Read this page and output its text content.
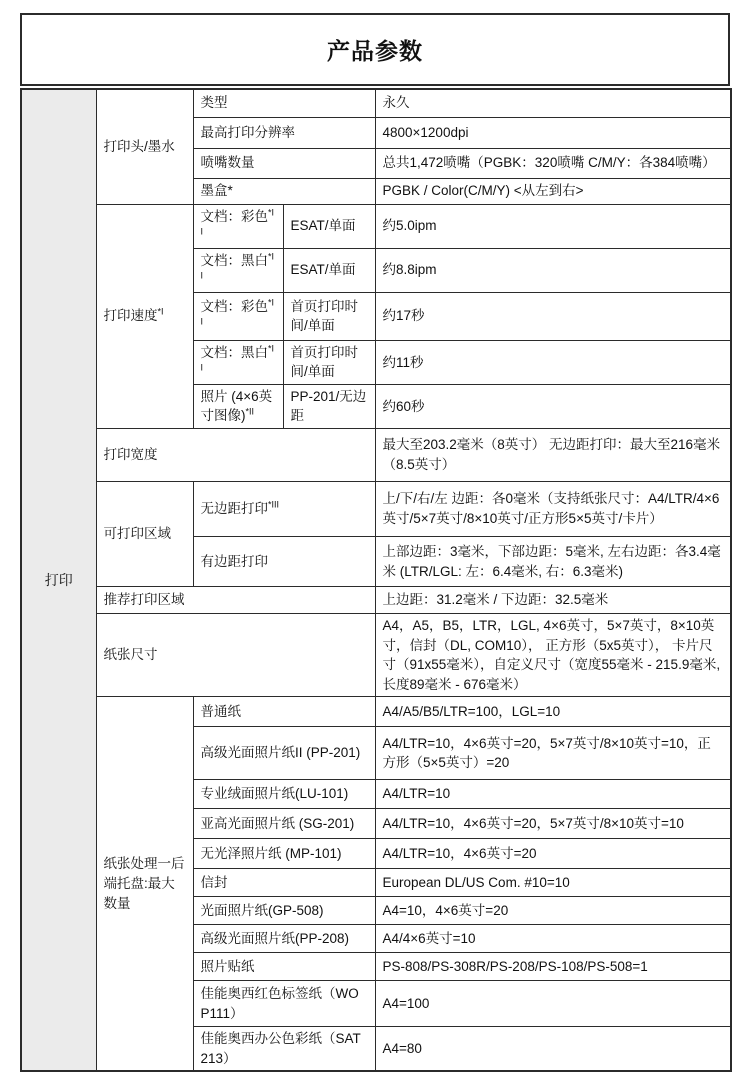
产品参数
打印	打印头/墨水	类型		永久
		最高打印分辨率		4800×1200dpi
		喷嘴数量		总共1,472喷嘴（PGBK：320喷嘴 C/M/Y：各384喷嘴）
		墨盒*		PGBK / Color(C/M/Y) <从左到右>
	打印速度$^{*I}$	文档：彩色$^{*II}$	ESAT/单面	约5.0ipm
		文档：黑白$^{*II}$	ESAT/单面	约8.8ipm
		文档：彩色$^{*II}$	首页打印时间/单面	约17秒
		文档：黑白$^{*II}$	首页打印时间/单面	约11秒
		照片 (4×6英寸图像)$^{*II}$	PP-201/无边距	约60秒
	打印宽度			最大至203.2毫米（8英寸） 无边距打印：最大至216毫米（8.5英寸）
	可打印区域	无边距打印$^{*III}$		上/下/右/左 边距：各0毫米（支持纸张尺寸：A4/LTR/4×6英寸/5×7英寸/8×10英寸/正方形5×5英寸/卡片）
		有边距打印		上部边距：3毫米，下部边距：5毫米, 左右边距：各3.4毫米 (LTR/LGL: 左：6.4毫米, 右：6.3毫米)
	推荐打印区域			上边距：31.2毫米 / 下边距：32.5毫米
	纸张尺寸			A4，A5，B5，LTR，LGL, 4×6英寸，5×7英寸，8×10英寸，信封（DL, COM10）， 正方形（5x5英寸）， 卡片尺寸（91x55毫米），自定义尺寸（宽度55毫米 - 215.9毫米, 长度89毫米 - 676毫米）
	纸张处理一后端托盘:最大数量	普通纸		A4/A5/B5/LTR=100，LGL=10
		高级光面照片纸II (PP-201)		A4/LTR=10，4×6英寸=20，5×7英寸/8×10英寸=10，正方形（5×5英寸）=20
		专业绒面照片纸(LU-101)		A4/LTR=10
		亚高光面照片纸 (SG-201)		A4/LTR=10，4×6英寸=20，5×7英寸/8×10英寸=10
		无光泽照片纸 (MP-101)		A4/LTR=10，4×6英寸=20
		信封		European DL/US Com. #10=10
		光面照片纸(GP-508)		A4=10，4×6英寸=20
		高级光面照片纸(PP-208)		A4/4×6英寸=10
		照片贴纸		PS-808/PS-308R/PS-208/PS-108/PS-508=1
		佳能奥西红色标签纸（WOP111）		A4=100
		佳能奥西办公色彩纸（SAT213）		A4=80
